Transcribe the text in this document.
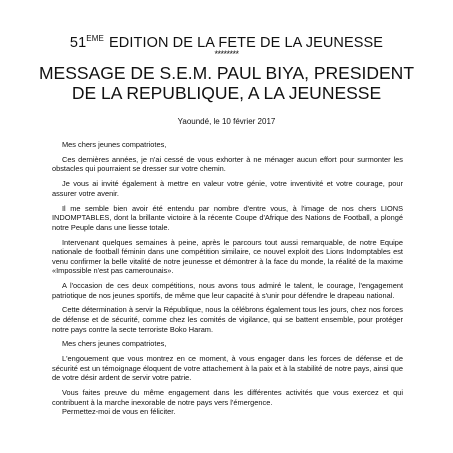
51EME EDITION DE LA FETE DE LA JEUNESSE
********
MESSAGE DE S.E.M. PAUL BIYA, PRESIDENT
DE LA REPUBLIQUE, A LA JEUNESSE
Yaoundé, le 10 février 2017

Mes chers jeunes compatriotes,

Ces dernières années, je n'ai cessé de vous exhorter à ne ménager aucun effort pour surmonter les obstacles qui pourraient se dresser sur votre chemin.

Je vous ai invité également à mettre en valeur votre génie, votre inventivité et votre courage, pour assurer votre avenir.

Il me semble bien avoir été entendu par nombre d'entre vous, à l'image de nos chers LIONS INDOMPTABLES, dont la brillante victoire à la récente Coupe d'Afrique des Nations de Football, a plongé notre Peuple dans une liesse totale.

Intervenant quelques semaines à peine, après le parcours tout aussi remarquable, de notre Equipe nationale de football féminin dans une compétition similaire, ce nouvel exploit des Lions Indomptables est venu confirmer la belle vitalité de notre jeunesse et démontrer à la face du monde, la réalité de la maxime «Impossible n'est pas camerounais».

A l'occasion de ces deux compétitions, nous avons tous admiré le talent, le courage, l'engagement patriotique de nos jeunes sportifs, de même que leur capacité à s'unir pour défendre le drapeau national.

Cette détermination à servir la République, nous la célébrons également tous les jours, chez nos forces de défense et de sécurité, comme chez les comités de vigilance, qui se battent ensemble, pour protéger notre pays contre la secte terroriste Boko Haram.

Mes chers jeunes compatriotes,

L'engouement que vous montrez en ce moment, à vous engager dans les forces de défense et de sécurité est un témoignage éloquent de votre attachement à la paix et à la stabilité de notre pays, ainsi que de votre désir ardent de servir votre patrie.

Vous faites preuve du même engagement dans les différentes activités que vous exercez et qui contribuent à la marche inexorable de notre pays vers l'émergence.

Permettez-moi de vous en féliciter.
